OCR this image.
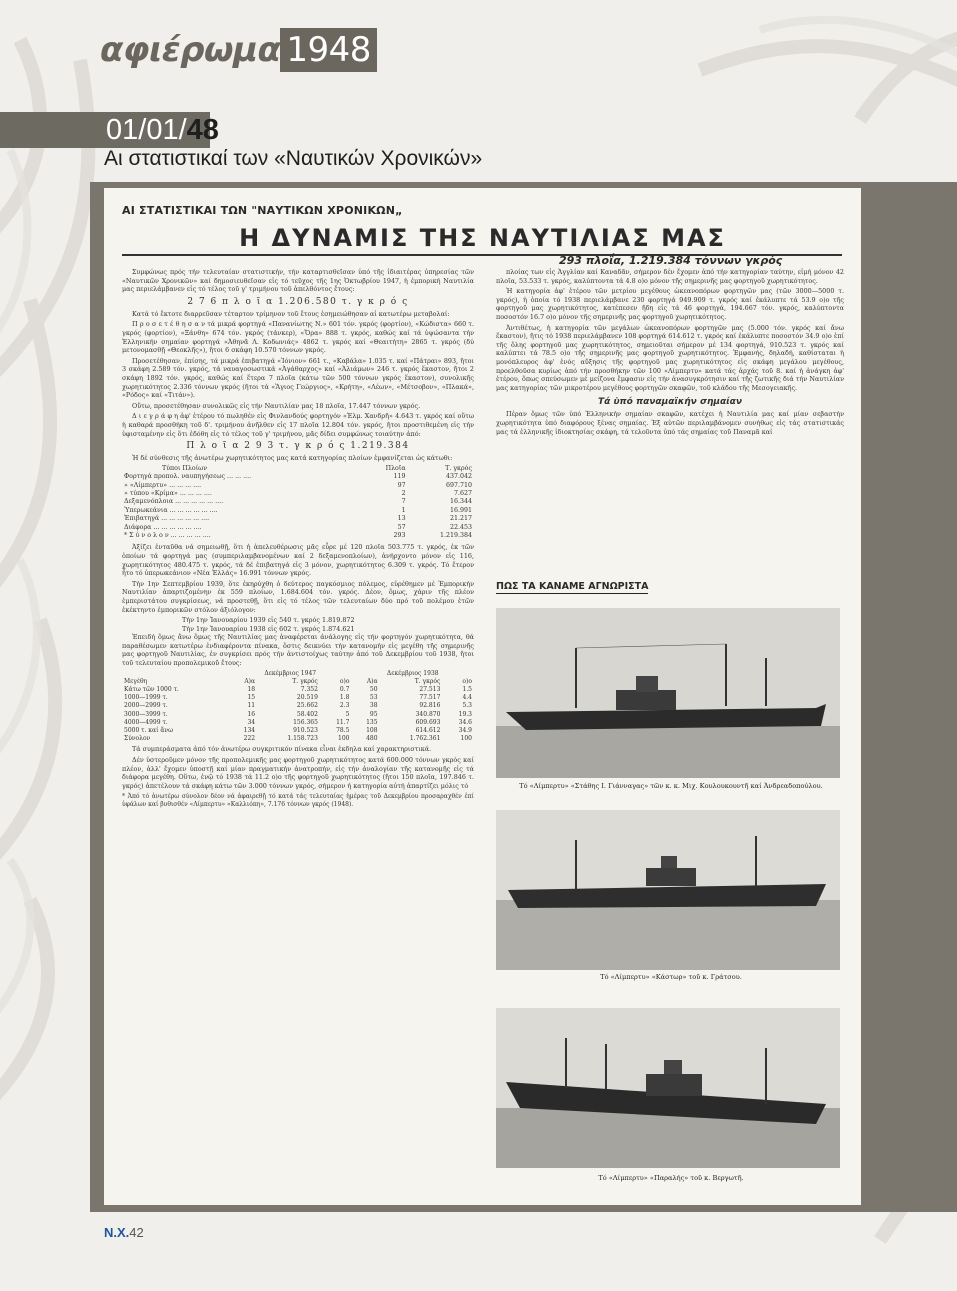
αφιέρωμα 1948
01/01/48
Αι στατιστικαί των «Ναυτικών Χρονικών»
ΑΙ ΣΤΑΤΙΣΤΙΚΑΙ ΤΩΝ "ΝΑΥΤΙΚΩΝ ΧΡΟΝΙΚΩΝ„
Η ΔΥΝΑΜΙΣ ΤΗΣ ΝΑΥΤΙΛΙΑΣ ΜΑΣ
293 πλοΐα, 1.219.384 τόννων γκρός

Συμφώνως πρός τήν τελευταίαν στατιστικήν, τήν καταρτισθεῖσαν ὑπό τῆς ἰδιαιτέρας ὑπηρεσίας τῶν «Ναυτικῶν Χρονικῶν» καί δημοσιευθεῖσαν εἰς τό τεῦχος τῆς 1ης Ὀκτωβρίου 1947, ἡ ἐμπορική Ναυτιλία μας περιελάμβανεν εἰς τό τέλος τοῦ γ' τριμήνου τοῦ ἀπελθόντος ἔτους:

2 7 6 π λ ο ῖ α 1.206.580 τ. γ κ ρ ό ς

Κατά τό ἔκτοτε διαρρεῦσαν τέταρτον τρίμηνον τοῦ ἔτους ἐσημειώθησαν αἱ κατωτέρω μεταβολαί:

Π ρ ο σ ε τ έ θ η σ α ν τά μικρά φορτηγά «Πανανίωτης Ν.» 601 τόν. γκρός (φορτίον), «Κώδιστα» 660 τ. γκρός (φορτίον), «Ξάνθη» 674 τόν. γκρός (τάνκερ), «Ὄρα» 888 τ. γκρός, καθώς καί τά ὑψώσαντα τήν Ἑλληνικήν σημαίαν φορτηγά «Ἀθηνᾶ Λ. Κοδωνιάς» 4862 τ. γκρός καί «Θεαιτήτη» 2865 τ. γκρός (δύ μετονομασθῇ «Θεοκλῆς»), ἤτοι 6 σκάφη 10.570 τόννων γκρός.

Προσετέθησαν, ἐπίσης, τά μικρά ἐπιβατηγά «Ἰόνιον» 661 τ., «Καβάλα» 1.035 τ. καί «Πάτραι» 893, ἤτοι 3 σκάφη 2.589 τόν. γκρός, τά ναυαγοσωστικά «Ἀγάθαρχος» καί «Ἀλιάμων» 246 τ. γκρός ἕκαστον, ἤτοι 2 σκάφη 1892 τόν. γκρός, καθώς καί ἕτερα 7 πλοῖα (κάτω τῶν 500 τόννων γκρός ἕκαστον), συνολικῆς χωρητικότητος 2.336 τόννων γκρός (ἤτοι τά «Ἅγιος Γεώργιος», «Κρήτη», «Λέων», «Μέτσοβον», «Πλακά», «Ρόδος» καί «Τιτάν»).

Οὕτω, προσετέθησαν συνολικῶς εἰς τήν Ναυτιλίαν μας 18 πλοῖα, 17.447 τόννων γκρός.

Δ ι ε γ ρ ά φ η ἀφ' ἑτέρου τό πωληθέν εἰς Φινλανδούς φορτηγόν «Ἐλμ. Χανδρῆ» 4.643 τ. γκρός καί οὕτω ἡ καθαρά προσθήκη τοῦ δ'. τριμήνου ἀνῆλθεν εἰς 17 πλοῖα 12.804 τόν. γκρός, ἤτοι προστιθεμένη εἰς τήν ὑφισταμένην εἰς ὅτι ἐδόθη εἰς τό τέλος τοῦ γ' τριμήνου, μᾶς δίδει συμφώνως τοιαύτην ἀπό:

Π λ ο ῖ α 2 9 3 τ. γ κ ρ ό ς 1.219.384

Ἡ δέ σύνθεσις τῆς ἀνωτέρω χωρητικότητος μας κατά κατηγορίας πλοίων ἐμφανίζεται ὡς κάτωθι:

Τύποι Πλοίων	Πλοῖα	Τ. γκρός
Φορτηγά προπολ. ναυπηγήσεως ... ... ....	119	437.042
» «Λίμπερτυ» ... ... ... ....	97	697.710
» τύπου «Κρίμα» ... ... ... ....	2	7.627
Δεξαμενόπλοια ... ... ... ... ... ....	7	16.344
Ὑπερωκεάνια ... ... ... ... ... ....	1	16.991
Ἐπιβατηγά ... ... ... ... ... ....	13	21.217
Διάφορα ... ... ... ... ... ....	57	22.453
* Σ ύ ν ο λ ο ν ... ... ... ... ....	293	1.219.384

Ἀξίζει ἐνταῦθα νά σημειωθῇ, ὅτι ἡ ἀπελευθέρωσις μᾶς εὗρε μέ 120 πλοῖα 503.775 τ. γκρός, ἐκ τῶν ὁποίων τά φορτηγά μας (συμπεριλαμβανομένων καί 2 δεξαμενοπλοίων), ἀνήρχοντο μόνον εἰς 116, χωρητικότητος 480.475 τ. γκρός, τά δέ ἐπιβατηγά εἰς 3 μόνον, χωρητικότητος 6.309 τ. γκρός. Τό ἕτερον ἦτο τό ὑπερωκεάνιον «Νέα Ἑλλάς» 16.991 τόννων γκρός.

Τήν 1ην Σεπτεμβρίου 1939, ὅτε ἐκηρύχθη ὁ δεύτερος παγκόσμιος πόλεμος, εὑρέθημεν μέ Ἐμπορικήν Ναυτιλίαν ἀπαρτιζομένην ἐκ 559 πλοίων, 1.684.604 τόν. γκρός. Δέον, ὅμως, χάριν τῆς πλέον ἐμπεριστάτου συγκρίσεως, νά προστεθῇ, ὅτι εἰς τό τέλος τῶν τελευταίων δύο πρό τοῦ πολέμου ἐτῶν ἐκέκτηντο ἐμπορικῶν στόλον ἀξιόλογον:

Τήν 1ην Ἰανουαρίου 1939 εἰς 540 τ. γκρός 1.819.872
Τήν 1ην Ἰανουαρίου 1938 εἰς 602 τ. γκρός 1.874.621

Ἐπειδή ὅμως ἄνω ὅμως τῆς Ναυτιλίας μας ἀναφέρεται ἀνάλογης εἰς τήν φορτηγόν χωρητικότητα, θά παραθέσωμεν κατωτέρω ἐνδιαφέροντα πίνακα, ὅστις δεικνύει τήν κατανομήν εἰς μεγέθη τῆς σημερινῆς μας φορτηγοῦ Ναυτιλίας, ἐν συγκρίσει πρός τήν ἀντιστοίχως ταύτην ἀπό τοῦ Δεκεμβρίου τοῦ 1938, ἤτοι τοῦ τελευταίου προπολεμικοῦ ἔτους:

	Δεκέμβριος 1947			Δεκέμβριος 1938		
Μεγέθη	Α)α	Τ. γκρός	ο)ο	Α)α	Τ. γκρός	ο)ο
Κάτω τῶν 1000 τ.	18	7.352	0.7	50	27.513	1.5
1000—1999 τ.	15	20.519	1.8	53	77.517	4.4
2000—2999 τ.	11	25.662	2.3	38	92.816	5.3
3000—3999 τ.	16	58.402	5	95	340.870	19.3
4000—4999 τ.	34	156.365	11.7	135	609.693	34.6
5000 τ. καί ἄνω	134	910.523	78.5	108	614.612	34.9
Σύνολον	222	1.158.723	100	480	1.762.361	100

Τά συμπεράσματα ἀπό τόν ἀνωτέρω συγκριτικόν πίνακα εἶναι ἐκδηλα καί χαρακτηριστικά.

Δέν ὑστεροῦμεν μόνον τῆς προπολεμικῆς μας φορτηγοῦ χωρητικότητος κατά 600.000 τόννων γκρός καί πλέον, ἀλλ' ἔχομεν ὑποστῇ καί μίαν πραγματικήν ἀνατροπήν, εἰς τήν ἀναλογίαν τῆς κατανομῆς εἰς τά διάφορα μεγέθη. Οὕτω, ἐνῷ τό 1938 τά 11.2 ο)ο τῆς φορτηγοῦ χωρητικότητος (ἤτοι 150 πλοῖα, 197.846 τ. γκρός) ἀπετέλουν τά σκάφη κάτω τῶν 3.000 τόννων γκρός, σήμερον ἡ κατηγορία αὐτή ἀπαρτίζει μόλις τό

* Ἀπό τό ἀνωτέρω σύνολον δέον νά ἀφαιρεθῇ τό κατά τάς τελευταίας ἡμέρας τοῦ Δεκεμβρίου προσαραχθέν ἐπί ὑφάλων καί βυθισθέν «Λίμπερτυ» «Καλλιόπη», 7.176 τόννων γκρός (1948).

πλοίας των εἰς Ἀγγλίαν καί Καναδᾶν, σήμερον δέν ἔχομεν ἀπό τήν κατηγορίαν ταύτην, εἰμή μόνον 42 πλοῖα, 53.533 τ. γκρός, καλύπτοντα τά 4.8 ο)ο μόνον τῆς σημερινῆς μας φορτηγοῦ χωρητικότητος.

Ἡ κατηγορία ἀφ' ἑτέρου τῶν μετρίου μεγέθους ὠκεανοπόρων φορτηγῶν μας (τῶν 3000—5000 τ. γκρός), ἡ ὁποία τό 1938 περιελάμβανε 230 φορτηγά 949.909 τ. γκρός καί ἐκάλυπτε τά 53.9 ο)ο τῆς φορτηγοῦ μας χωρητικότητος, κατέπεσεν ἤδη εἰς τά 46 φορτηγά, 194.667 τόν. γκρός, καλύπτοντα ποσοστόν 16.7 ο)ο μόνον τῆς σημερινῆς μας φορτηγοῦ χωρητικότητος.

Ἀντιθέτως, ἡ κατηγορία τῶν μεγάλων ὠκεανοπόρων φορτηγῶν μας (5.000 τόν. γκρός καί ἄνω ἕκαστον), ἥτις τό 1938 περιελάμβανεν 108 φορτηγά 614.612 τ. γκρός καί ἐκάλυπτε ποσοστόν 34.9 ο)ο ἐπί τῆς ὅλης φορτηγοῦ μας χωρητικότητος, σημειοῦται σήμερον μέ 134 φορτηγά, 910.523 τ. γκρός καί καλύπτει τά 78.5 ο)ο τῆς σημερινῆς μας φορτηγοῦ χωρητικότητος. Ἐμφανής, δηλαδή, καθίσταται ἡ μονόπλευρος ἀφ' ἑνός αὔξησις τῆς φορτηγοῦ μας χωρητικότητος εἰς σκάφη μεγάλου μεγέθους, προελθοῦσα κυρίως ἀπό τήν προσθήκην τῶν 100 «Λίμπερτυ» κατά τάς ἀρχάς τοῦ 8. καί ἡ ἀνάγκη ἀφ' ἑτέρου, ὅπως σπεύσωμεν μέ μείζονα ἔμφασιν εἰς τήν ἀνασυγκρότησιν καί τῆς ζωτικῆς διά τήν Ναυτιλίαν μας κατηγορίας τῶν μικροτέρου μεγέθους φορτηγῶν σκαφῶν, τοῦ κλάδου τῆς Μεσογειακῆς.

Τά ὑπό παναμαϊκήν σημαίαν

Πέραν ὅμως τῶν ὑπό Ἑλληνικήν σημαίαν σκαφῶν, κατέχει ἡ Ναυτιλία μας καί μίαν σεβαστήν χωρητικότητα ὑπό διαφόρους ξένας σημαίας. Ἐξ αὐτῶν περιλαμβάνομεν συνήθως εἰς τάς στατιστικάς μας τά ἐλληνικῆς ἰδιοκτησίας σκάφη, τά τελοῦντα ὑπό τάς σημαίας τοῦ Παναμᾶ καί

ΠΩΣ ΤΑ ΚΑΝΑΜΕ ΑΓΝΩΡΙΣΤΑ
Τό «Λίμπερτυ» «Στάθης Ι. Γιάνναγας» τῶν κ. κ. Μιχ. Κουλουκουντῆ καί Ἀνδρεαδοπούλου.
Τό «Λίμπερτυ» «Κάστωρ» τοῦ κ. Γράτσου.
Τό «Λίμπερτυ» «Παραλής» τοῦ κ. Βεργωτῆ.
N.X.42
